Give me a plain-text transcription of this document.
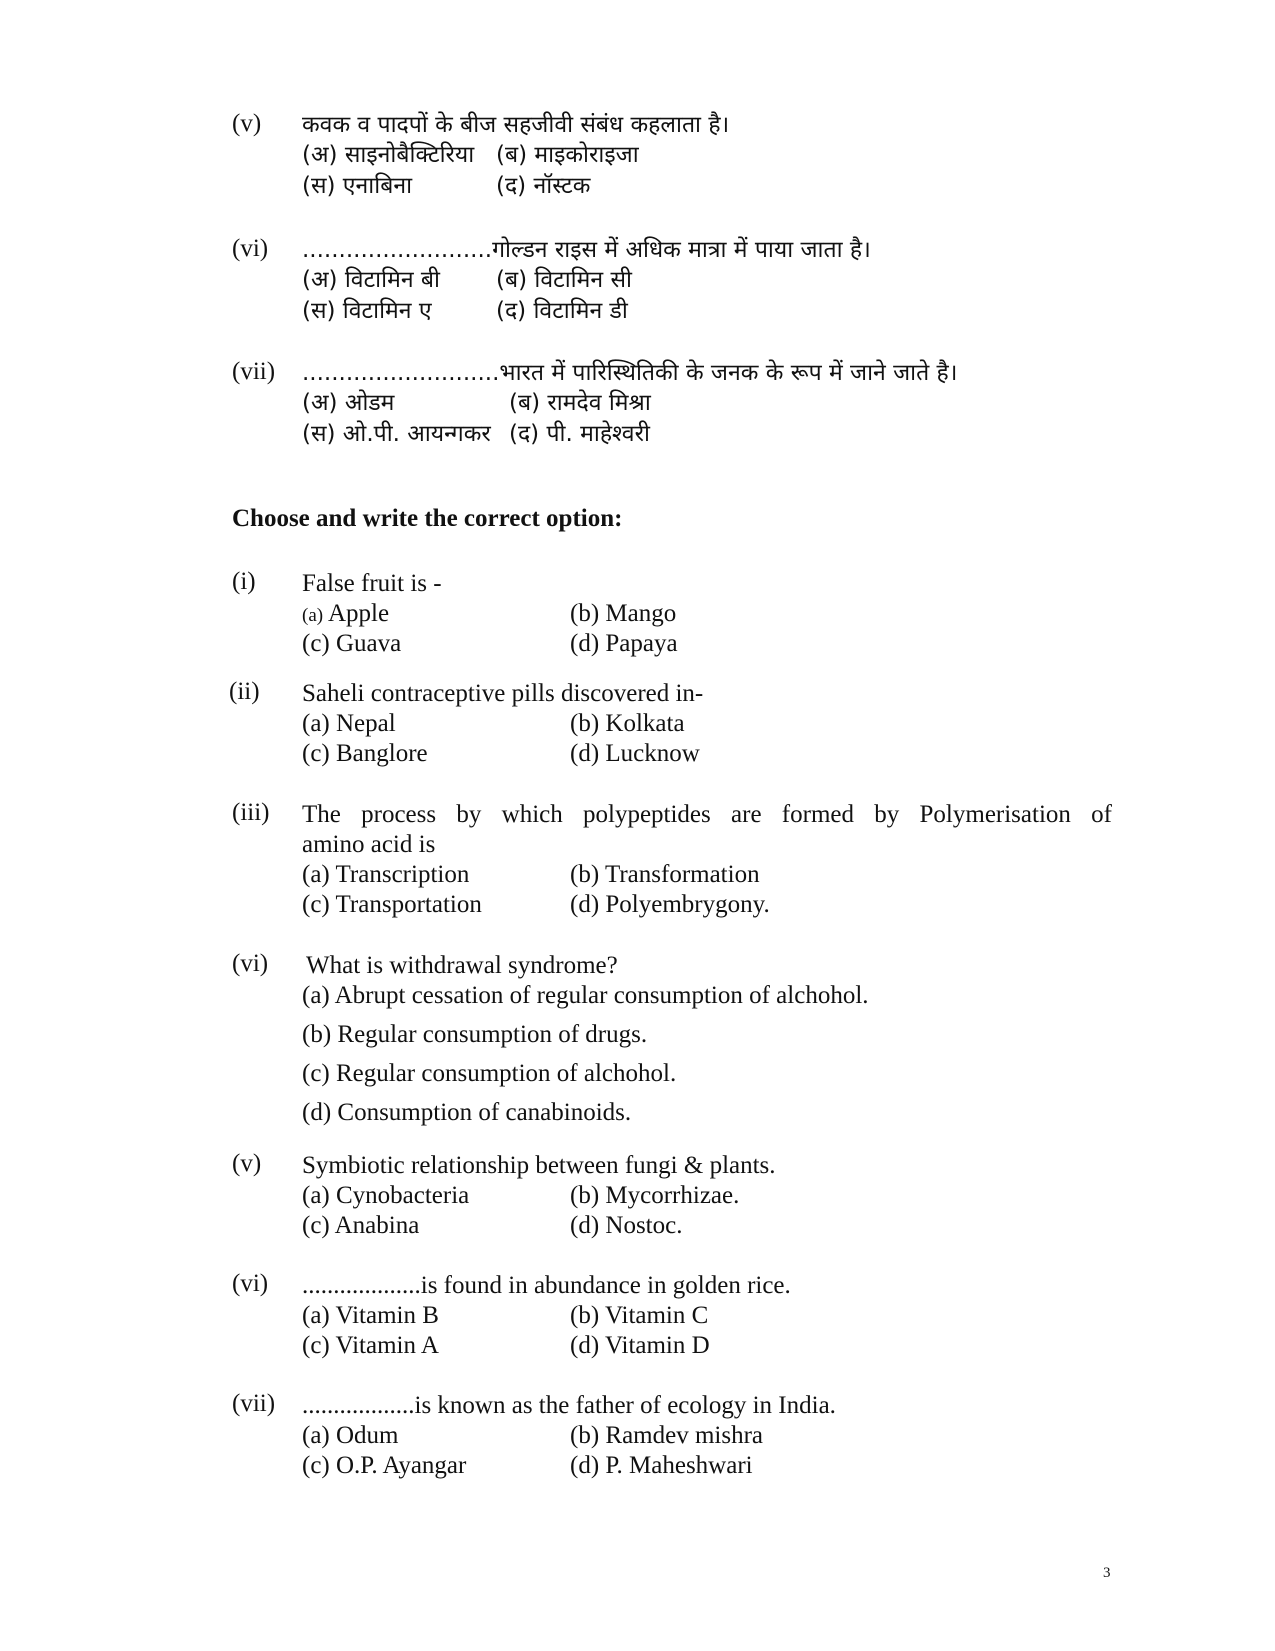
(v) कवक व पादपों के बीज सहजीवी संबंध कहलाता है।
(अ) साइनोबैक्टिरिया (ब) माइकोराइजा
(स) एनाबिना	(द) नॉस्टक
(vi) ..........................गोल्डन राइस में अधिक मात्रा में पाया जाता है।
(अ) विटामिन बी (ब) विटामिन सी
(स) विटामिन ए	(द) विटामिन डी
(vii) ...........................भारत में पारिस्थितिकी के जनक के रूप में जाने जाते है।
(अ) ओडम	(ब) रामदेव मिश्रा
(स) ओ.पी. आयन्गकर (द) पी. माहेश्वरी
Choose and write the correct option:
(i) False fruit is -
(a) Apple	(b) Mango
(c) Guava	(d) Papaya
(ii) Saheli contraceptive pills discovered in-
(a) Nepal	(b) Kolkata
(c) Banglore	(d) Lucknow
(iii) The process by which polypeptides are formed by Polymerisation of
amino acid is
(a) Transcription	(b) Transformation
(c) Transportation	(d) Polyembrygony.
(vi) What is withdrawal syndrome?
(a) Abrupt cessation of regular consumption of alchohol.
(b) Regular consumption of drugs.
(c) Regular consumption of alchohol.
(d) Consumption of canabinoids.
(v) Symbiotic relationship between fungi & plants.
(a) Cynobacteria	(b) Mycorrhizae.
(c) Anabina	(d) Nostoc.
(vi) ...................is found in abundance in golden rice.
(a) Vitamin B	(b) Vitamin C
(c) Vitamin A	(d) Vitamin D
(vii) ..................is known as the father of ecology in India.
(a) Odum	(b) Ramdev mishra
(c) O.P. Ayangar	(d) P. Maheshwari
3
